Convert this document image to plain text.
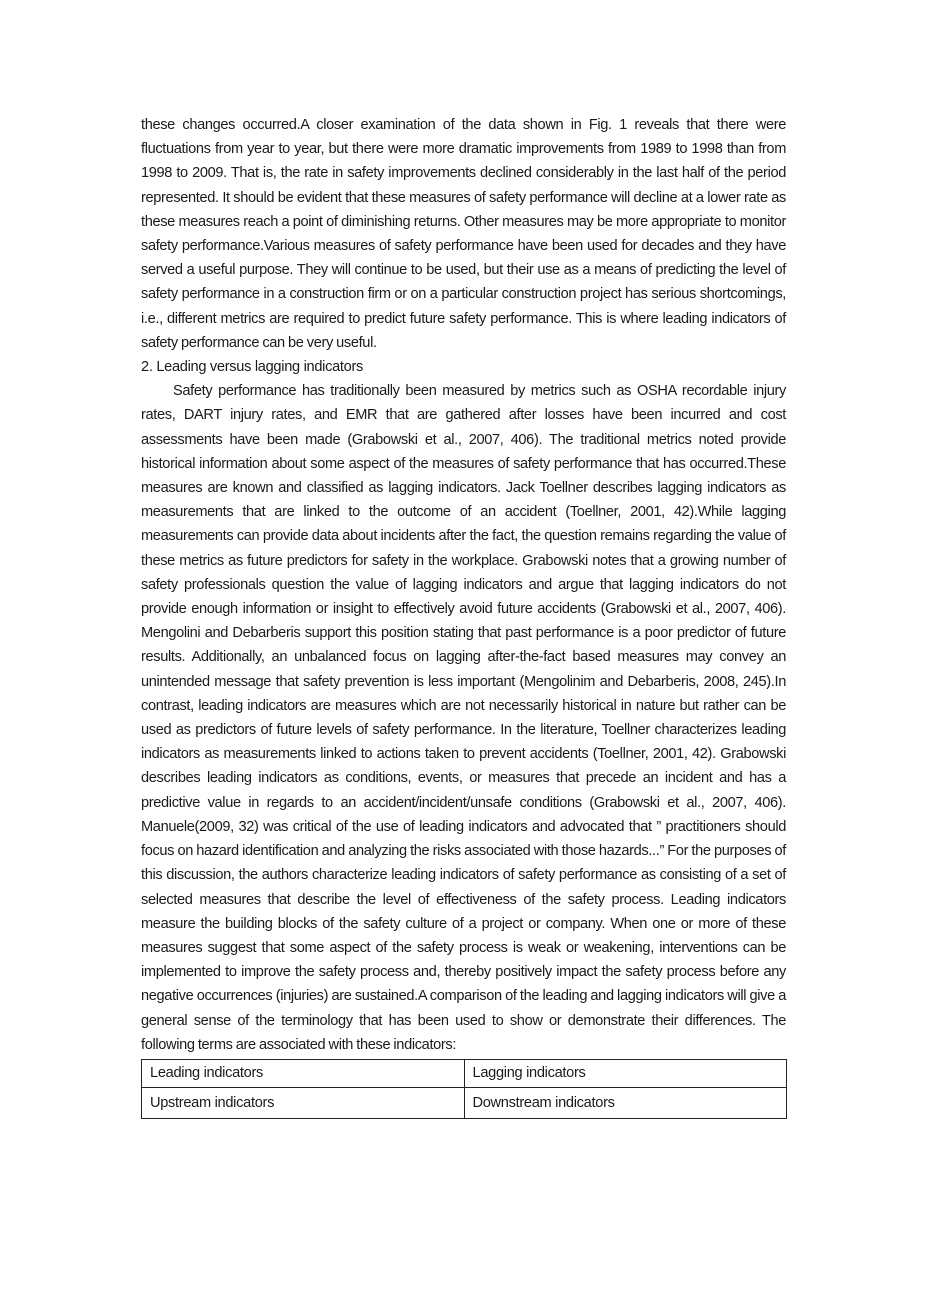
these changes occurred.A closer examination of the data shown in Fig. 1 reveals that there were fluctuations from year to year, but there were more dramatic improvements from 1989 to 1998 than from 1998 to 2009. That is, the rate in safety improvements declined considerably in the last half of the period represented. It should be evident that these measures of safety performance will decline at a lower rate as these measures reach a point of diminishing returns. Other measures may be more appropriate to monitor safety performance.Various measures of safety performance have been used for decades and they have served a useful purpose. They will continue to be used, but their use as a means of predicting the level of safety performance in a construction firm or on a particular construction project has serious shortcomings, i.e., different metrics are required to predict future safety performance. This is where leading indicators of safety performance can be very useful.

2. Leading versus lagging indicators

Safety performance has traditionally been measured by metrics such as OSHA recordable injury rates, DART injury rates, and EMR that are gathered after losses have been incurred and cost assessments have been made (Grabowski et al., 2007, 406). The traditional metrics noted provide historical information about some aspect of the measures of safety performance that has occurred.These measures are known and classified as lagging indicators. Jack Toellner describes lagging indicators as measurements that are linked to the outcome of an accident (Toellner, 2001, 42).While lagging measurements can provide data about incidents after the fact, the question remains regarding the value of these metrics as future predictors for safety in the workplace. Grabowski notes that a growing number of safety professionals question the value of lagging indicators and argue that lagging indicators do not provide enough information or insight to effectively avoid future accidents (Grabowski et al., 2007, 406). Mengolini and Debarberis support this position stating that past performance is a poor predictor of future results. Additionally, an unbalanced focus on lagging after-the-fact based measures may convey an unintended message that safety prevention is less important (Mengolinim and Debarberis, 2008, 245).In contrast, leading indicators are measures which are not necessarily historical in nature but rather can be used as predictors of future levels of safety performance. In the literature, Toellner characterizes leading indicators as measurements linked to actions taken to prevent accidents (Toellner, 2001, 42). Grabowski describes leading indicators as conditions, events, or measures that precede an incident and has a predictive value in regards to an accident/incident/unsafe conditions (Grabowski et al., 2007, 406). Manuele(2009, 32) was critical of the use of leading indicators and advocated that ” practitioners should focus on hazard identification and analyzing the risks associated with those hazards...” For the purposes of this discussion, the authors characterize leading indicators of safety performance as consisting of a set of selected measures that describe the level of effectiveness of the safety process. Leading indicators measure the building blocks of the safety culture of a project or company. When one or more of these measures suggest that some aspect of the safety process is weak or weakening, interventions can be implemented to improve the safety process and, thereby positively impact the safety process before any negative occurrences (injuries) are sustained.A comparison of the leading and lagging indicators will give a general sense of the terminology that has been used to show or demonstrate their differences. The following terms are associated with these indicators:

Leading indicators	Lagging indicators
Upstream indicators	Downstream indicators
